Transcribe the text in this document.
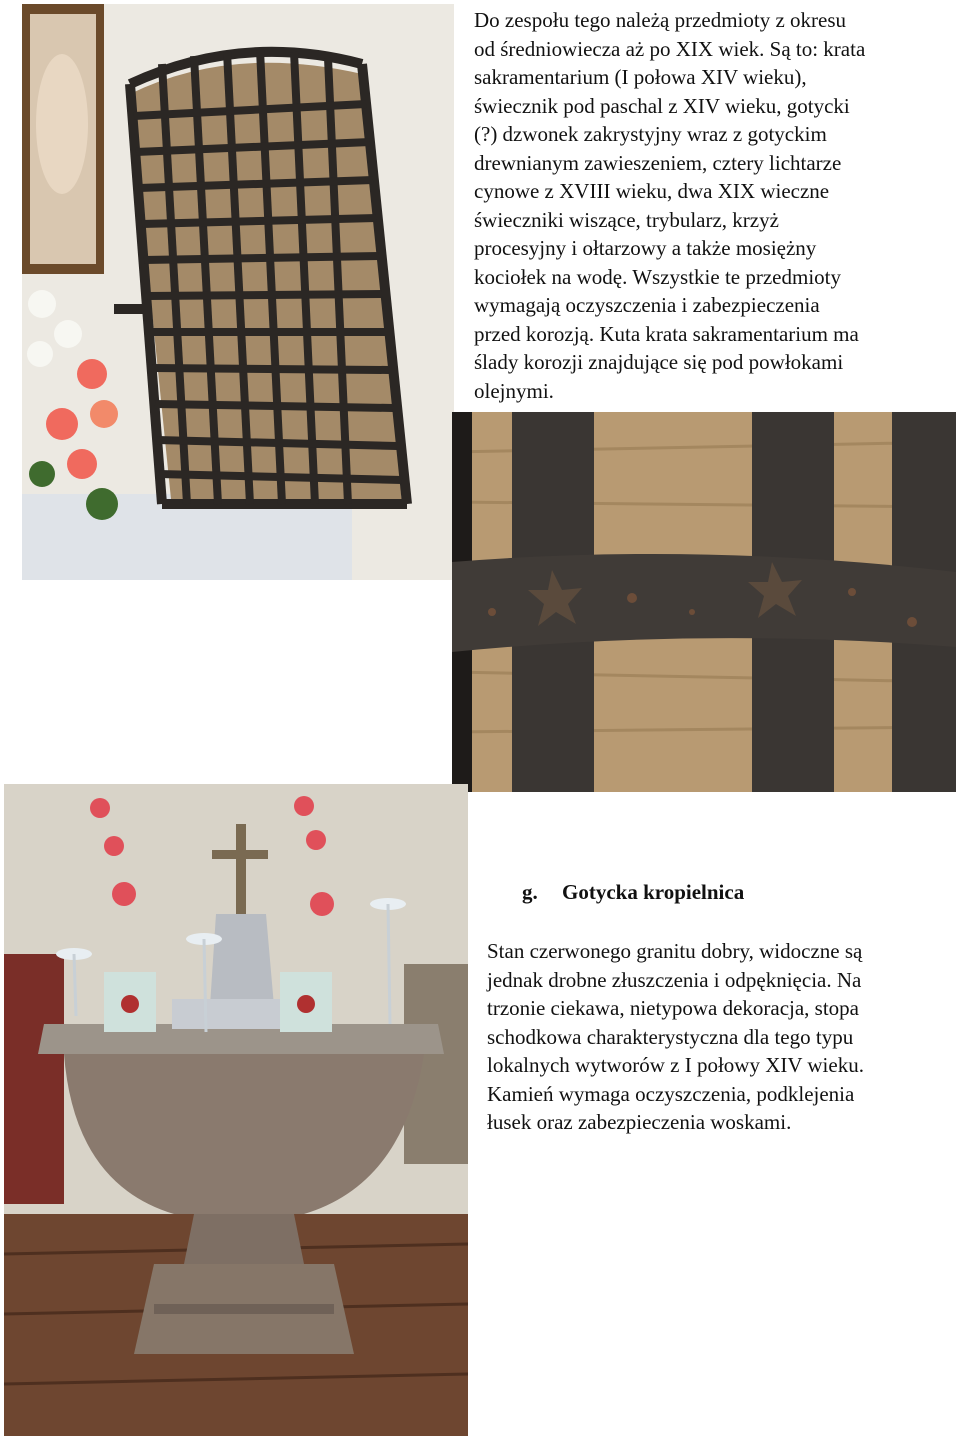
Do zespołu tego należą przedmioty z okresu
od średniowiecza aż po XIX wiek. Są to: krata
sakramentarium (I połowa XIV wieku),
świecznik pod paschal z XIV wieku, gotycki
(?) dzwonek zakrystyjny wraz z gotyckim
drewnianym zawieszeniem, cztery lichtarze
cynowe z XVIII wieku, dwa XIX wieczne
świeczniki wiszące, trybularz, krzyż
procesyjny i ołtarzowy a także mosiężny
kociołek na wodę. Wszystkie te przedmioty
wymagają oczyszczenia i zabezpieczenia
przed korozją. Kuta krata sakramentarium ma
ślady korozji znajdujące się pod powłokami
olejnymi.
g. Gotycka kropielnica
Stan czerwonego granitu dobry, widoczne są
jednak drobne złuszczenia i odpęknięcia. Na
trzonie ciekawa, nietypowa dekoracja, stopa
schodkowa charakterystyczna dla tego typu
lokalnych wytworów z I połowy XIV wieku.
Kamień wymaga oczyszczenia, podklejenia
łusek oraz zabezpieczenia woskami.
